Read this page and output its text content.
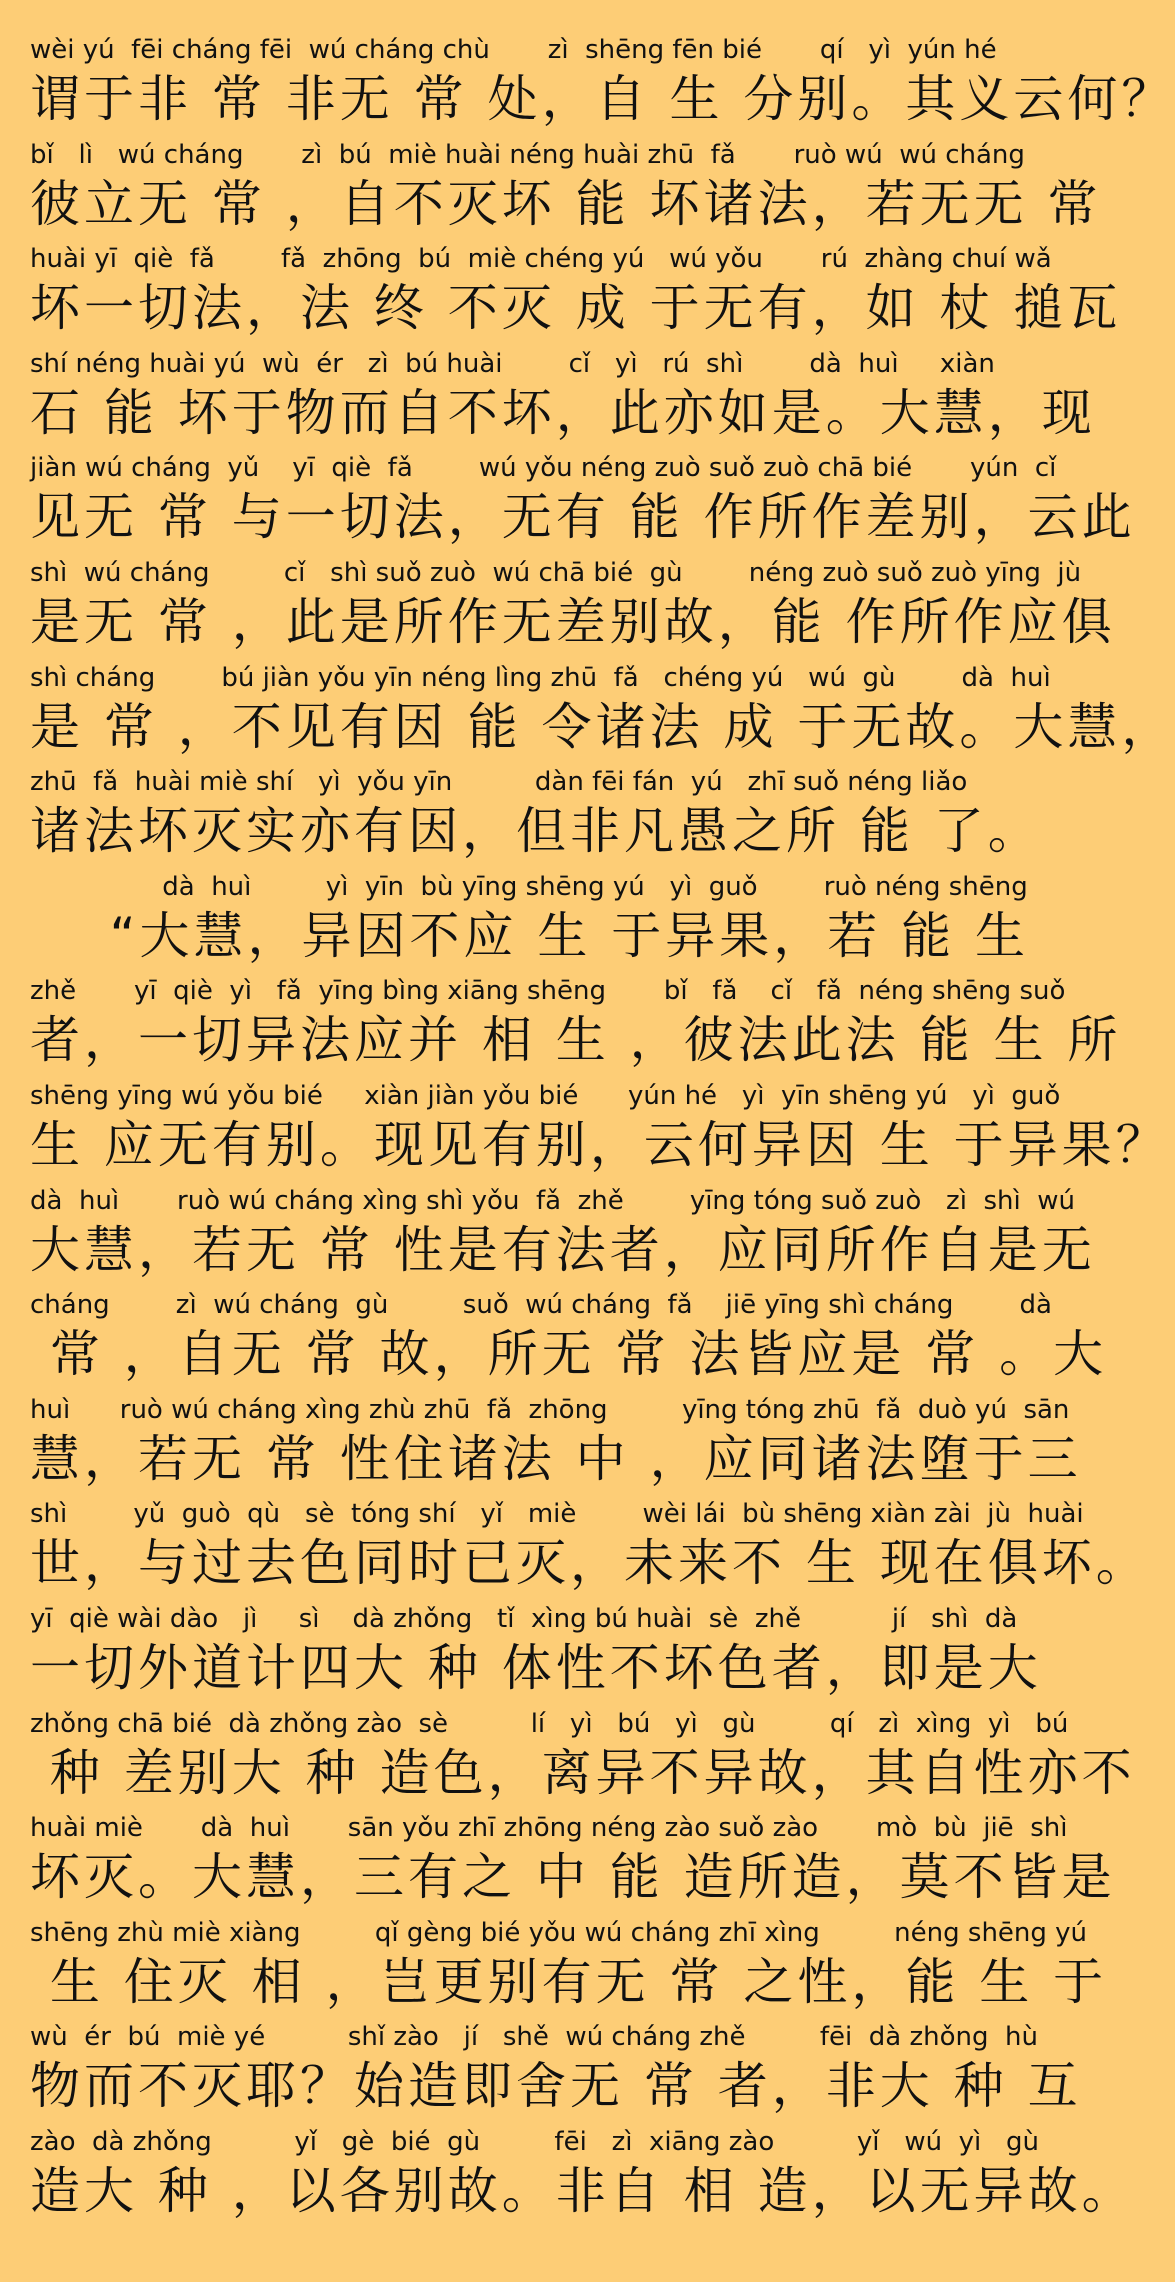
wèi yú  fēi cháng fēi  wú cháng chù       zì  shēng fēn bié       qí   yì  yún hé
谓于非 常 非无 常 处，自 生 分别。其义云何？
bǐ   lì   wú cháng       zì  bú  miè huài néng huài zhū  fǎ       ruò wú  wú cháng
彼立无 常 ，自不灭坏 能 坏诸法，若无无 常
huài yī  qiè  fǎ        fǎ  zhōng  bú  miè chéng yú   wú yǒu       rú  zhàng chuí wǎ
坏一切法，法 终 不灭 成 于无有，如 杖 搥瓦
shí néng huài yú  wù  ér   zì  bú huài        cǐ   yì   rú  shì        dà  huì     xiàn
石 能 坏于物而自不坏，此亦如是。大慧，现
jiàn wú cháng  yǔ    yī  qiè  fǎ        wú yǒu néng zuò suǒ zuò chā bié       yún  cǐ
见无 常 与一切法，无有 能 作所作差别，云此
shì  wú cháng         cǐ   shì suǒ zuò  wú chā bié  gù        néng zuò suǒ zuò yīng  jù
是无 常 ，此是所作无差别故，能 作所作应俱
shì cháng        bú jiàn yǒu yīn néng lìng zhū  fǎ   chéng yú   wú  gù        dà  huì
是 常 ，不见有因 能 令诸法 成 于无故。大慧，
zhū  fǎ  huài miè shí   yì  yǒu yīn          dàn fēi fán  yú   zhī suǒ néng liǎo
诸法坏灭实亦有因，但非凡愚之所 能 了。
dà  huì         yì  yīn  bù yīng shēng yú   yì  guǒ        ruò néng shēng
“大慧，异因不应 生 于异果，若 能 生
zhě       yī  qiè  yì   fǎ  yīng bìng xiāng shēng       bǐ   fǎ    cǐ   fǎ  néng shēng suǒ
者，一切异法应并 相 生 ，彼法此法 能 生 所
shēng yīng wú yǒu bié     xiàn jiàn yǒu bié      yún hé   yì  yīn shēng yú   yì  guǒ
生 应无有别。现见有别，云何异因 生 于异果？
dà  huì       ruò wú cháng xìng shì yǒu  fǎ  zhě        yīng tóng suǒ zuò   zì  shì  wú
大慧，若无 常 性是有法者，应同所作自是无
cháng        zì  wú cháng  gù         suǒ  wú cháng  fǎ    jiē yīng shì cháng        dà
常 ，自无 常 故，所无 常 法皆应是 常 。大
huì      ruò wú cháng xìng zhù zhū  fǎ  zhōng         yīng tóng zhū  fǎ  duò yú  sān
慧，若无 常 性住诸法 中 ，应同诸法堕于三
shì        yǔ  guò  qù   sè  tóng shí   yǐ   miè        wèi lái  bù shēng xiàn zài  jù  huài
世，与过去色同时已灭，未来不 生 现在俱坏。
yī  qiè wài dào   jì     sì    dà zhǒng   tǐ  xìng bú huài  sè  zhě           jí   shì  dà
一切外道计四大 种 体性不坏色者，即是大
zhǒng chā bié  dà zhǒng zào  sè          lí   yì   bú   yì   gù         qí   zì  xìng  yì   bú
种 差别大 种 造色，离异不异故，其自性亦不
huài miè       dà  huì       sān yǒu zhī zhōng néng zào suǒ zào       mò  bù  jiē  shì
坏灭。大慧，三有之 中 能 造所造，莫不皆是
shēng zhù miè xiàng         qǐ gèng bié yǒu wú cháng zhī xìng         néng shēng yú
生 住灭 相 ，岂更别有无 常 之性，能 生 于
wù  ér  bú  miè yé          shǐ zào   jí   shě  wú cháng zhě         fēi  dà zhǒng  hù
物而不灭耶？始造即舍无 常 者，非大 种 互
zào  dà zhǒng          yǐ   gè  bié  gù         fēi   zì  xiāng zào          yǐ   wú  yì   gù
造大 种 ，以各别故。非自 相 造，以无异故。
